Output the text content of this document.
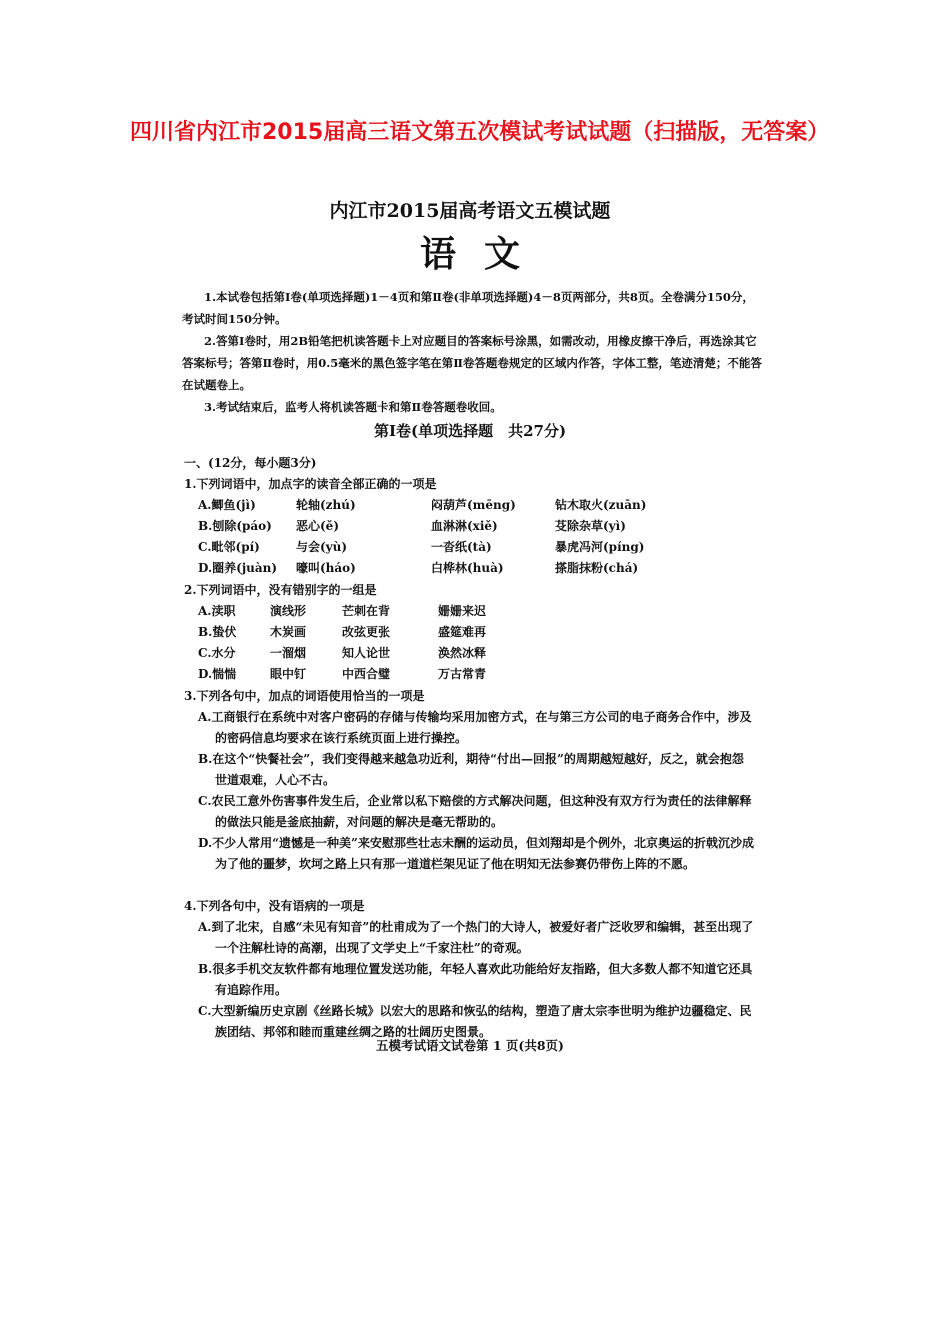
四川省内江市2015届高三语文第五次模试考试试题（扫描版，无答案）
内江市2015届高考语文五模试题
语文

1.本试卷包括第Ⅰ卷(单项选择题)1－4页和第Ⅱ卷(非单项选择题)4－8页两部分，共8页。全卷满分150分，考试时间150分钟。

2.答第Ⅰ卷时，用2B铅笔把机读答题卡上对应题目的答案标号涂黑，如需改动，用橡皮擦干净后，再选涂其它答案标号；答第Ⅱ卷时，用0.5毫米的黑色签字笔在第Ⅱ卷答题卷规定的区域内作答，字体工整，笔迹清楚；不能答在试题卷上。

3.考试结束后，监考人将机读答题卡和第Ⅱ卷答题卷收回。

第Ⅰ卷(单项选择题　共27分)
一、(12分，每小题3分)
1.下列词语中，加点字的读音全部正确的一项是
A.鲫鱼(jì)	轮轴(zhú)	闷葫芦(mēng)	钻木取火(zuān)
B.刨除(páo)	恶心(ě)	血淋淋(xiě)	芟除杂草(yì)
C.毗邻(pí)	与会(yù)	一沓纸(tà)	暴虎冯河(píng)
D.圈养(juàn)	嚎叫(háo)	白桦林(huà)	搽脂抹粉(chá)
2.下列词语中，没有错别字的一组是
A.渎职	演线形	芒刺在背	姗姗来迟
B.蛰伏	木炭画	改弦更张	盛筵难再
C.水分	一溜烟	知人论世	涣然冰释
D.惴惴	眼中钉	中西合璧	万古常青
3.下列各句中，加点的词语使用恰当的一项是
A.工商银行在系统中对客户密码的存储与传输均采用加密方式，在与第三方公司的电子商务合作中，涉及的密码信息均要求在该行系统页面上进行操控。
B.在这个“快餐社会”，我们变得越来越急功近利，期待“付出—回报”的周期越短越好，反之，就会抱怨世道艰难，人心不古。
C.农民工意外伤害事件发生后，企业常以私下赔偿的方式解决问题，但这种没有双方行为责任的法律解释的做法只能是釜底抽薪，对问题的解决是毫无帮助的。
D.不少人常用“遗憾是一种美”来安慰那些壮志未酬的运动员，但刘翔却是个例外，北京奥运的折戟沉沙成为了他的噩梦，坎坷之路上只有那一道道栏架见证了他在明知无法参赛仍带伤上阵的不愿。
4.下列各句中，没有语病的一项是
A.到了北宋，自感“未见有知音”的杜甫成为了一个热门的大诗人，被爱好者广泛收罗和编辑，甚至出现了一个注解杜诗的高潮，出现了文学史上“千家注杜”的奇观。
B.很多手机交友软件都有地理位置发送功能，年轻人喜欢此功能给好友指路，但大多数人都不知道它还具有追踪作用。
C.大型新编历史京剧《丝路长城》以宏大的思路和恢弘的结构，塑造了唐太宗李世明为维护边疆稳定、民族团结、邦邻和睦而重建丝绸之路的壮阔历史图景。
五模考试语文试卷第 1 页(共8页)
